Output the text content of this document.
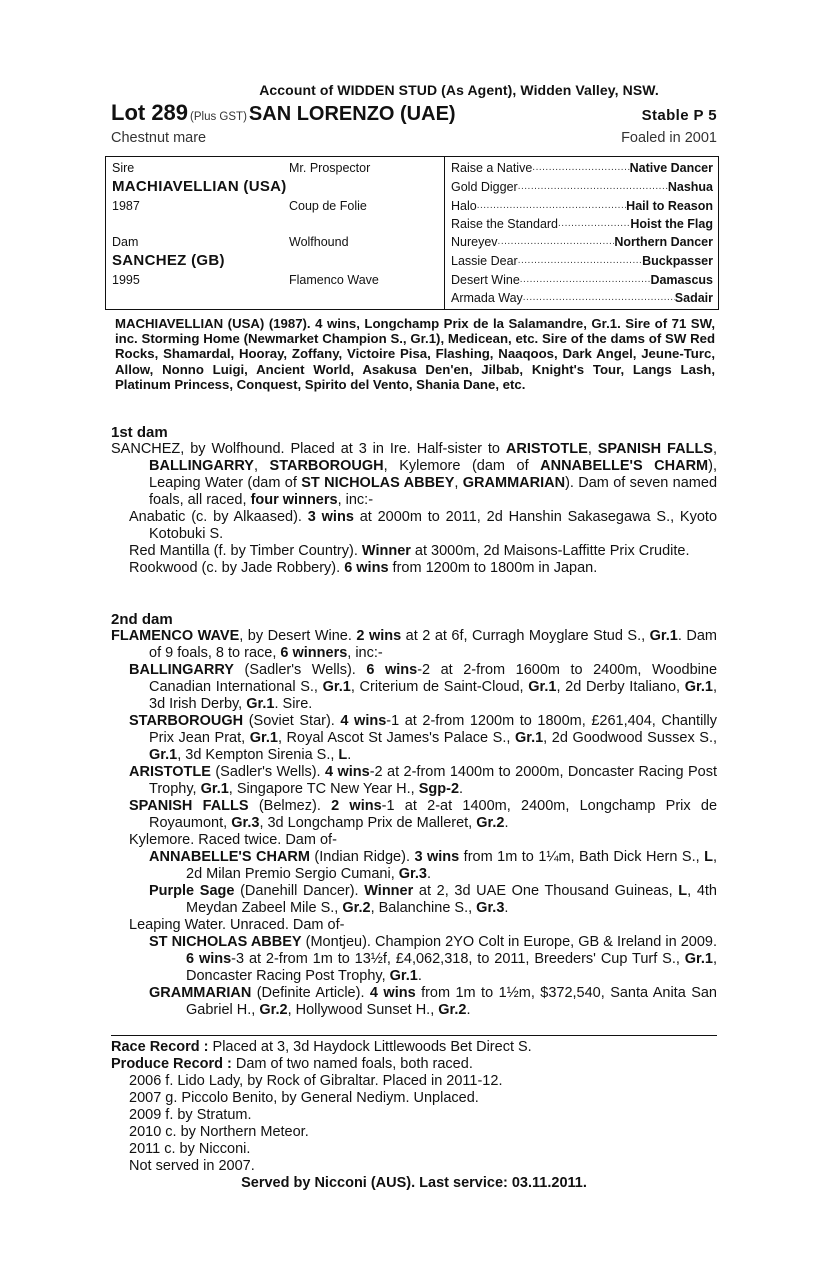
Account of WIDDEN STUD (As Agent), Widden Valley, NSW.
Lot 289 (Plus GST) SAN LORENZO (UAE)	Stable P 5
Chestnut mare	Foaled in 2001
Sire	Mr. Prospector	Raise a Native .....	Native Dancer
MACHIAVELLIAN (USA)	Gold Digger .....	Nashua
1987	Coup de Folie	Halo .....	Hail to Reason
Raise the Standard .....	Hoist the Flag
Dam	Wolfhound	Nureyev .....	Northern Dancer
SANCHEZ (GB)	Lassie Dear .....	Buckpasser
1995	Flamenco Wave	Desert Wine .....	Damascus
Armada Way .....	Sadair
MACHIAVELLIAN (USA) (1987). 4 wins, Longchamp Prix de la Salamandre, Gr.1. Sire of 71 SW, inc. Storming Home (Newmarket Champion S., Gr.1), Medicean, etc. Sire of the dams of SW Red Rocks, Shamardal, Hooray, Zoffany, Victoire Pisa, Flashing, Naaqoos, Dark Angel, Jeune-Turc, Allow, Nonno Luigi, Ancient World, Asakusa Den'en, Jilbab, Knight's Tour, Langs Lash, Platinum Princess, Conquest, Spirito del Vento, Shania Dane, etc.
1st dam
SANCHEZ, by Wolfhound. Placed at 3 in Ire. Half-sister to ARISTOTLE, SPANISH FALLS, BALLINGARRY, STARBOROUGH, Kylemore (dam of ANNABELLE'S CHARM), Leaping Water (dam of ST NICHOLAS ABBEY, GRAMMARIAN). Dam of seven named foals, all raced, four winners, inc:-
Anabatic (c. by Alkaased). 3 wins at 2000m to 2011, 2d Hanshin Sakasegawa S., Kyoto Kotobuki S.
Red Mantilla (f. by Timber Country). Winner at 3000m, 2d Maisons-Laffitte Prix Crudite.
Rookwood (c. by Jade Robbery). 6 wins from 1200m to 1800m in Japan.
2nd dam
FLAMENCO WAVE, by Desert Wine. 2 wins at 2 at 6f, Curragh Moyglare Stud S., Gr.1. Dam of 9 foals, 8 to race, 6 winners, inc:-
BALLINGARRY (Sadler's Wells). 6 wins-2 at 2-from 1600m to 2400m, Woodbine Canadian International S., Gr.1, Criterium de Saint-Cloud, Gr.1, 2d Derby Italiano, Gr.1, 3d Irish Derby, Gr.1. Sire.
STARBOROUGH (Soviet Star). 4 wins-1 at 2-from 1200m to 1800m, £261,404, Chantilly Prix Jean Prat, Gr.1, Royal Ascot St James's Palace S., Gr.1, 2d Goodwood Sussex S., Gr.1, 3d Kempton Sirenia S., L.
ARISTOTLE (Sadler's Wells). 4 wins-2 at 2-from 1400m to 2000m, Doncaster Racing Post Trophy, Gr.1, Singapore TC New Year H., Sgp-2.
SPANISH FALLS (Belmez). 2 wins-1 at 2-at 1400m, 2400m, Longchamp Prix de Royaumont, Gr.3, 3d Longchamp Prix de Malleret, Gr.2.
Kylemore. Raced twice. Dam of-
ANNABELLE'S CHARM (Indian Ridge). 3 wins from 1m to 1¼m, Bath Dick Hern S., L, 2d Milan Premio Sergio Cumani, Gr.3.
Purple Sage (Danehill Dancer). Winner at 2, 3d UAE One Thousand Guineas, L, 4th Meydan Zabeel Mile S., Gr.2, Balanchine S., Gr.3.
Leaping Water. Unraced. Dam of-
ST NICHOLAS ABBEY (Montjeu). Champion 2YO Colt in Europe, GB & Ireland in 2009. 6 wins-3 at 2-from 1m to 13½f, £4,062,318, to 2011, Breeders' Cup Turf S., Gr.1, Doncaster Racing Post Trophy, Gr.1.
GRAMMARIAN (Definite Article). 4 wins from 1m to 1½m, $372,540, Santa Anita San Gabriel H., Gr.2, Hollywood Sunset H., Gr.2.
Race Record : Placed at 3, 3d Haydock Littlewoods Bet Direct S.
Produce Record : Dam of two named foals, both raced.
2006 f. Lido Lady, by Rock of Gibraltar. Placed in 2011-12.
2007 g. Piccolo Benito, by General Nediym. Unplaced.
2009 f. by Stratum.
2010 c. by Northern Meteor.
2011 c. by Nicconi.
Not served in 2007.
Served by Nicconi (AUS). Last service: 03.11.2011.
